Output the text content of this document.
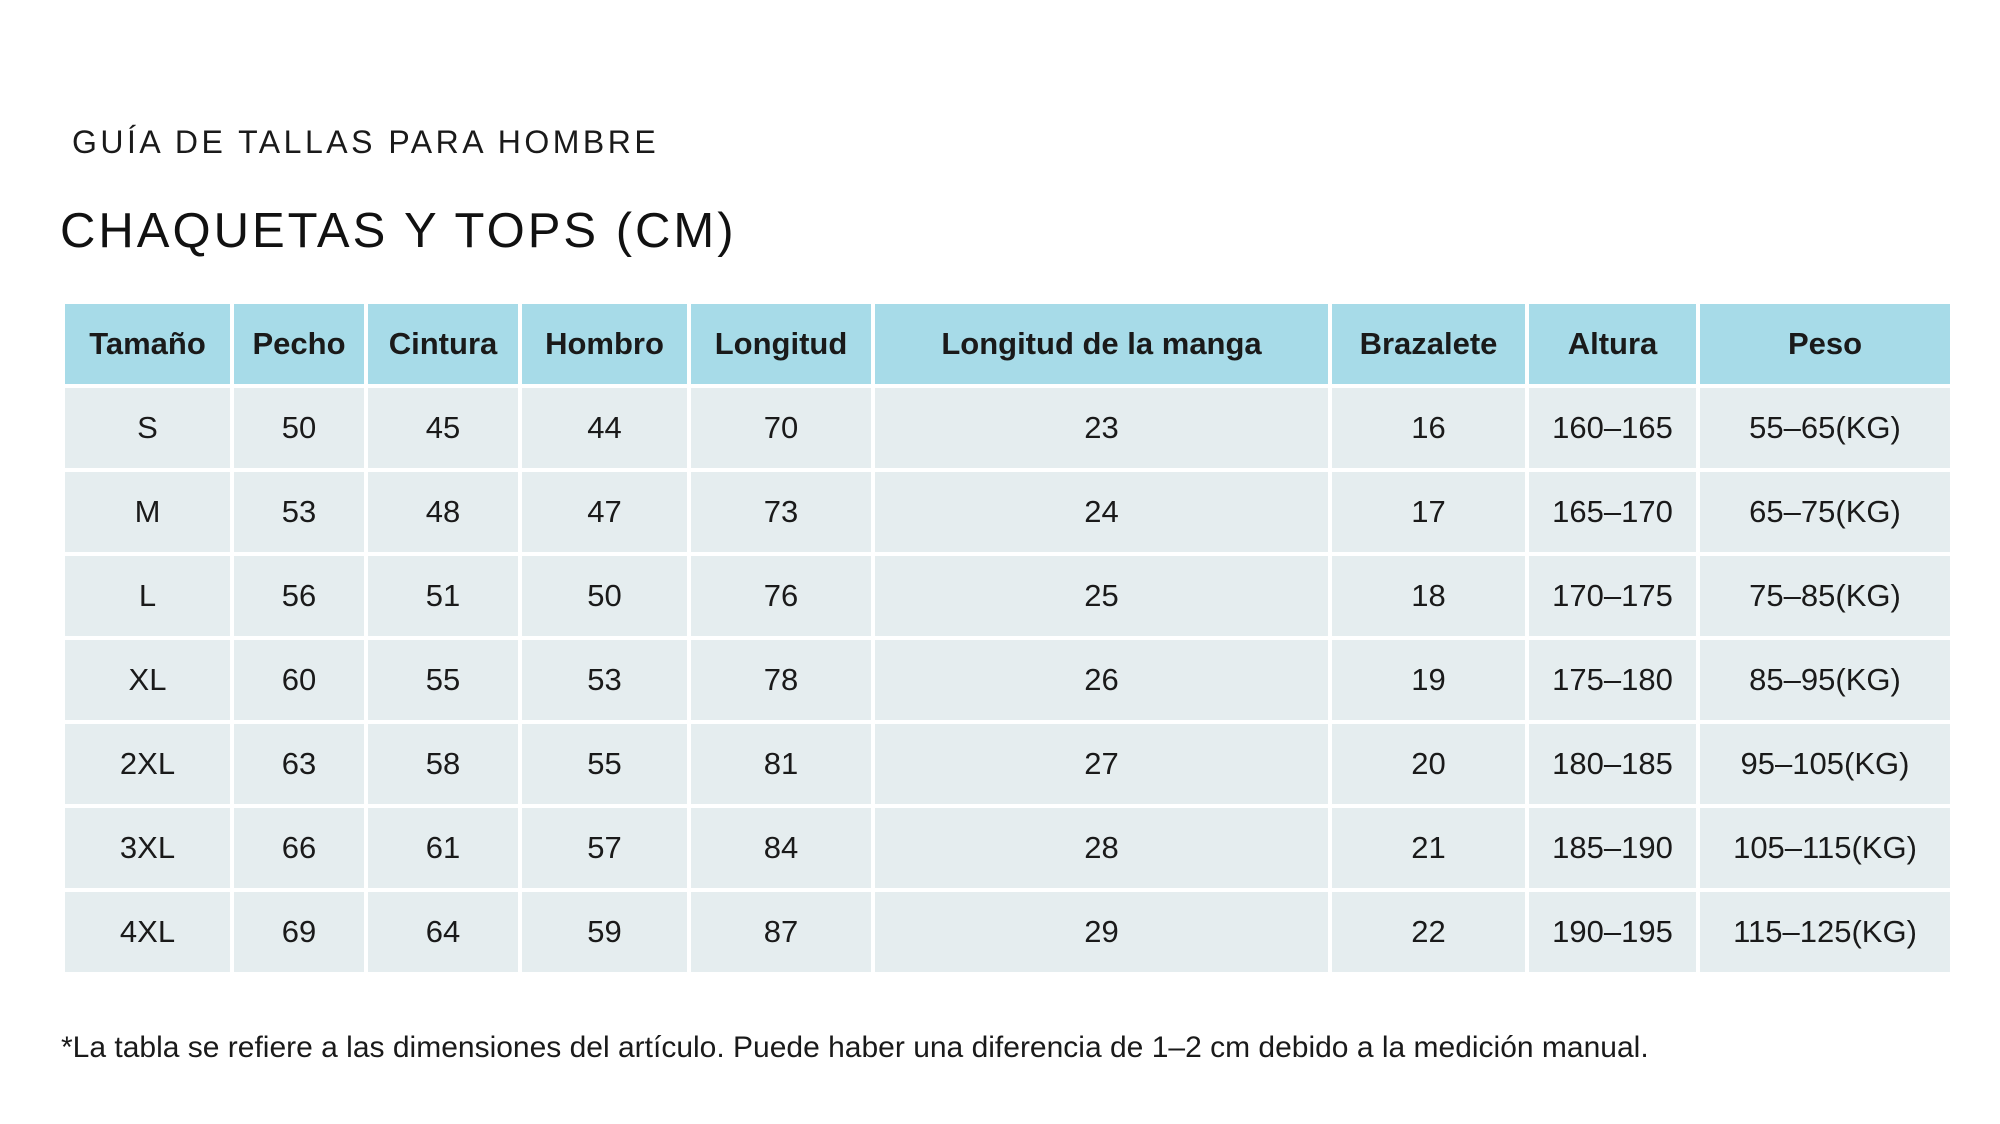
GUÍA DE TALLAS PARA HOMBRE
CHAQUETAS Y TOPS (CM)
Tamaño	Pecho	Cintura	Hombro	Longitud	Longitud de la manga	Brazalete	Altura	Peso
S	50	45	44	70	23	16	160–165	55–65(KG)
M	53	48	47	73	24	17	165–170	65–75(KG)
L	56	51	50	76	25	18	170–175	75–85(KG)
XL	60	55	53	78	26	19	175–180	85–95(KG)
2XL	63	58	55	81	27	20	180–185	95–105(KG)
3XL	66	61	57	84	28	21	185–190	105–115(KG)
4XL	69	64	59	87	29	22	190–195	115–125(KG)
*La tabla se refiere a las dimensiones del artículo. Puede haber una diferencia de 1–2 cm debido a la medición manual.
